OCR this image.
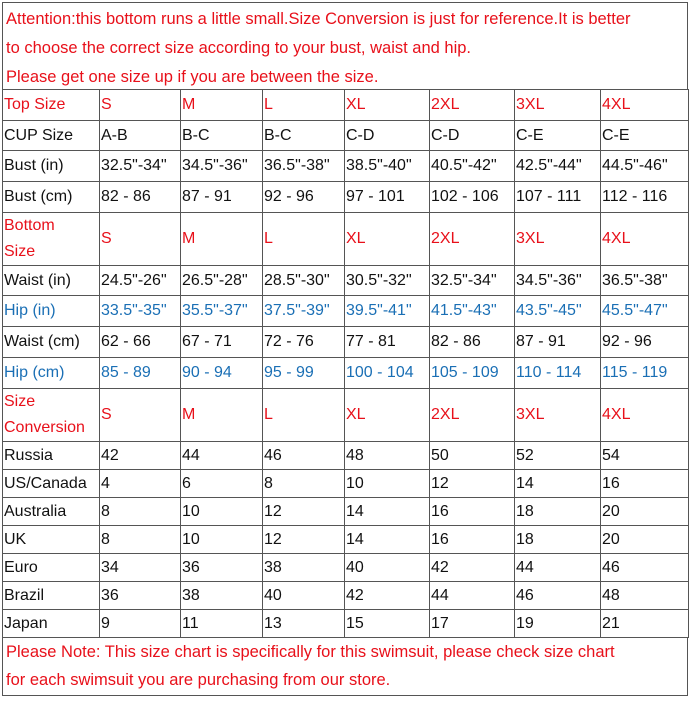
Attention:this bottom runs a little small.Size Conversion is just for reference.It is better
to choose the correct size according to your bust, waist and hip.
Please get one size up if you are between the size.
Top Size	S	M	L	XL	2XL	3XL	4XL
CUP Size	A-B	B-C	B-C	C-D	C-D	C-E	C-E
Bust (in)	32.5"-34"	34.5"-36"	36.5"-38"	38.5"-40"	40.5"-42"	42.5"-44"	44.5"-46"
Bust (cm)	82 - 86	87 - 91	92 - 96	97 - 101	102 - 106	107 - 111	112 - 116
Bottom
Size	S	M	L	XL	2XL	3XL	4XL
Waist (in)	24.5"-26"	26.5"-28"	28.5"-30"	30.5"-32"	32.5"-34"	34.5"-36"	36.5"-38"
Hip (in)	33.5"-35"	35.5"-37"	37.5"-39"	39.5"-41"	41.5"-43"	43.5"-45"	45.5"-47"
Waist (cm)	62 - 66	67 - 71	72 - 76	77 - 81	82 - 86	87 - 91	92 - 96
Hip (cm)	85 - 89	90 - 94	95 - 99	100 - 104	105 - 109	110 - 114	115 - 119
Size
Conversion	S	M	L	XL	2XL	3XL	4XL
Russia	42	44	46	48	50	52	54
US/Canada	4	6	8	10	12	14	16
Australia	8	10	12	14	16	18	20
UK	8	10	12	14	16	18	20
Euro	34	36	38	40	42	44	46
Brazil	36	38	40	42	44	46	48
Japan	9	11	13	15	17	19	21
Please Note: This size chart is specifically for this swimsuit, please check size chart
for each swimsuit you are purchasing from our store.
